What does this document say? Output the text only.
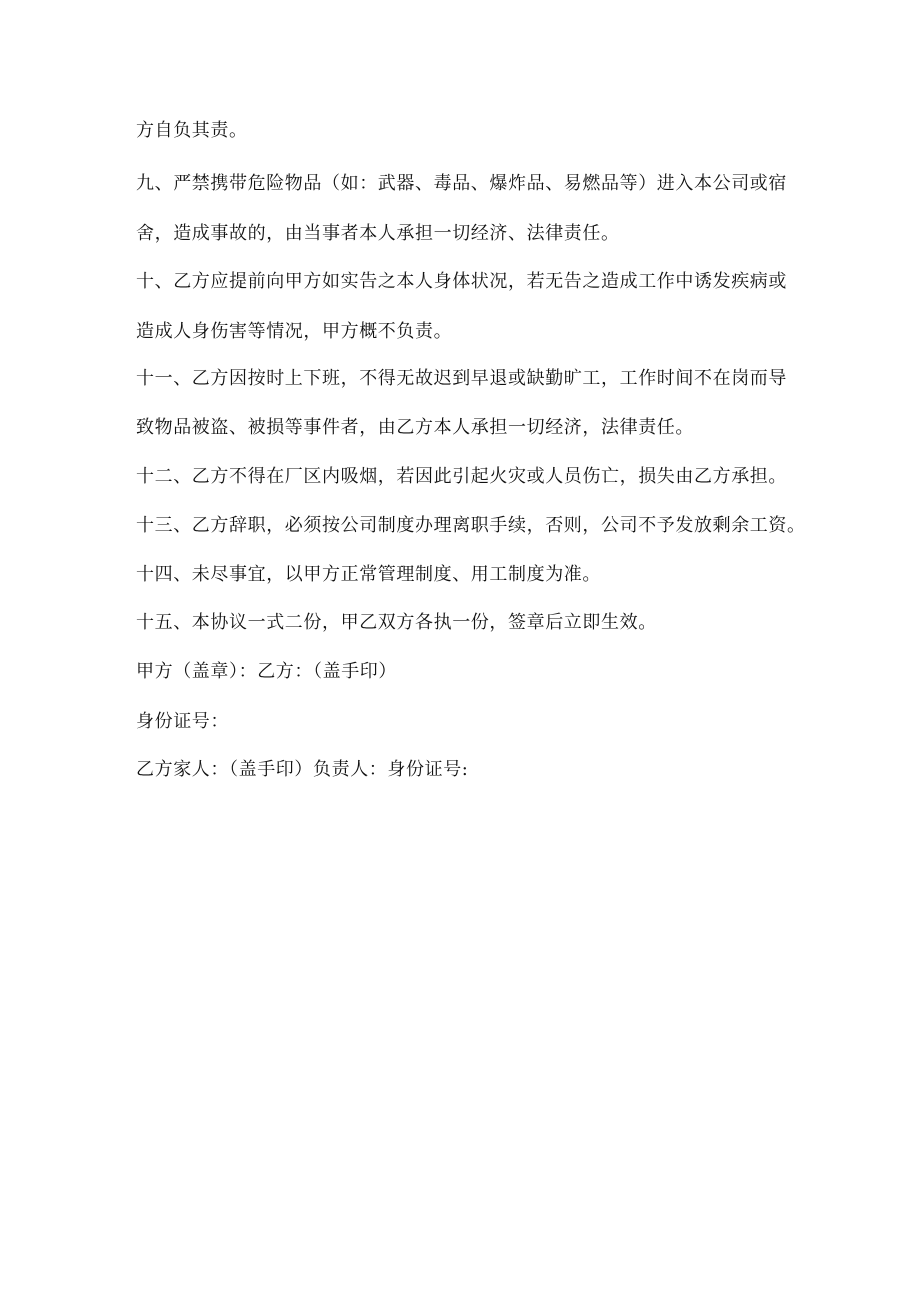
方自负其责。
九、严禁携带危险物品（如：武器、毒品、爆炸品、易燃品等）进入本公司或宿
舍，造成事故的，由当事者本人承担一切经济、法律责任。
十、乙方应提前向甲方如实告之本人身体状况，若无告之造成工作中诱发疾病或
造成人身伤害等情况，甲方概不负责。
十一、乙方因按时上下班，不得无故迟到早退或缺勤旷工，工作时间不在岗而导
致物品被盗、被损等事件者，由乙方本人承担一切经济，法律责任。
十二、乙方不得在厂区内吸烟，若因此引起火灾或人员伤亡，损失由乙方承担。
十三、乙方辞职，必须按公司制度办理离职手续，否则，公司不予发放剩余工资。
十四、未尽事宜，以甲方正常管理制度、用工制度为准。
十五、本协议一式二份，甲乙双方各执一份，签章后立即生效。
甲方（盖章）：乙方：（盖手印）
身份证号：
乙方家人：（盖手印）负责人：身份证号:
